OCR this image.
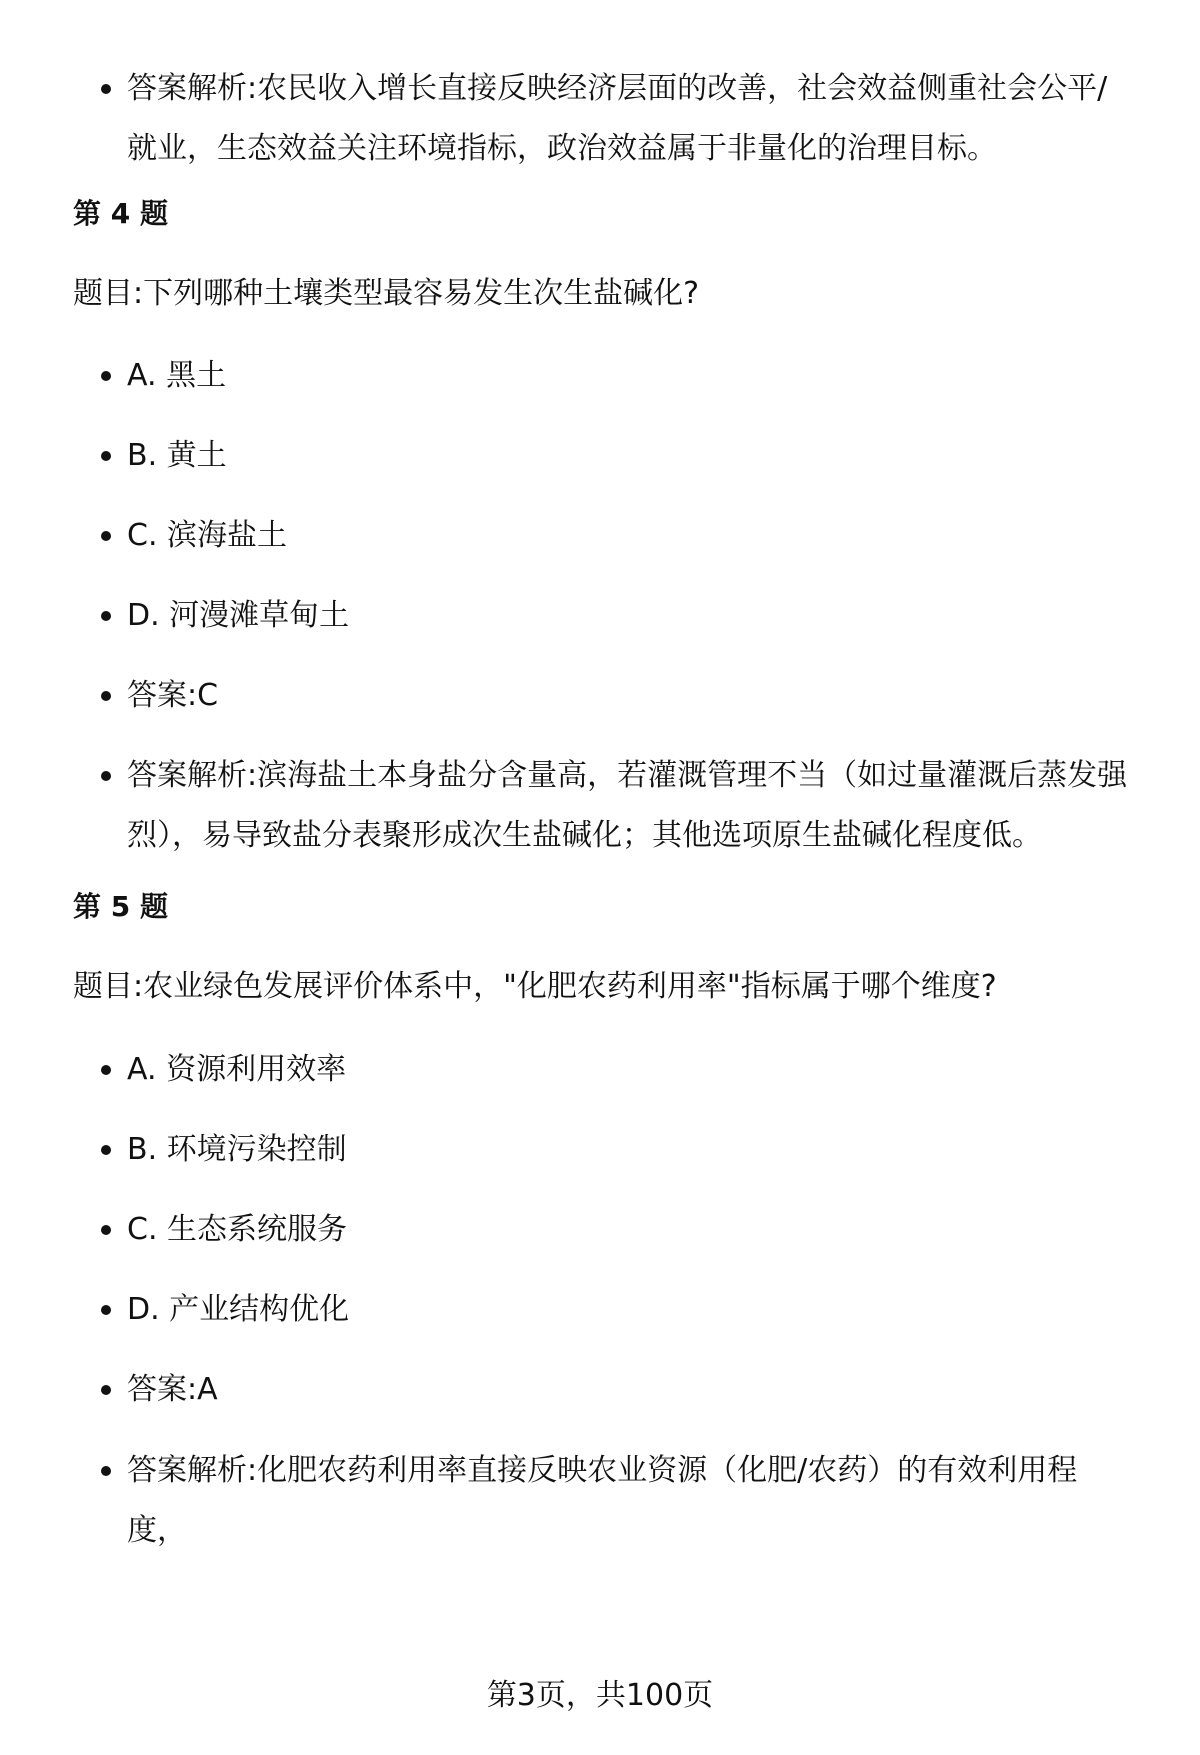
答案解析:农民收入增长直接反映经济层面的改善，社会效益侧重社会公平/就业，生态效益关注环境指标，政治效益属于非量化的治理目标。
第 4 题
题目:下列哪种土壤类型最容易发生次生盐碱化?
A. 黑土
B. 黄土
C. 滨海盐土
D. 河漫滩草甸土
答案:C
答案解析:滨海盐土本身盐分含量高，若灌溉管理不当（如过量灌溉后蒸发强烈），易导致盐分表聚形成次生盐碱化；其他选项原生盐碱化程度低。
第 5 题
题目:农业绿色发展评价体系中，"化肥农药利用率"指标属于哪个维度?
A. 资源利用效率
B. 环境污染控制
C. 生态系统服务
D. 产业结构优化
答案:A
答案解析:化肥农药利用率直接反映农业资源（化肥/农药）的有效利用程度，
第3页，共100页
